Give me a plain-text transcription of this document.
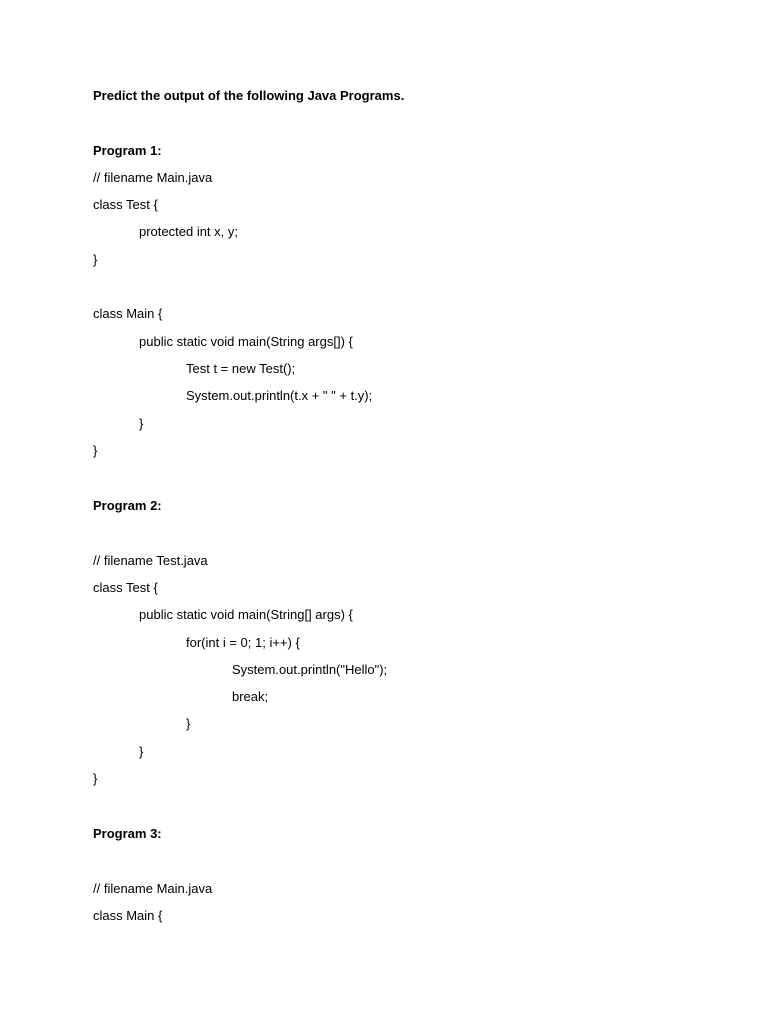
Predict the output of the following Java Programs.
Program 1:
// filename Main.java
class Test {
protected int x, y;
}
class Main {
public static void main(String args[]) {
Test t = new Test();
System.out.println(t.x + " " + t.y);
}
}
Program 2:
// filename Test.java
class Test {
public static void main(String[] args) {
for(int i = 0; 1; i++) {
System.out.println("Hello");
break;
}
}
}
Program 3:
// filename Main.java
class Main {
